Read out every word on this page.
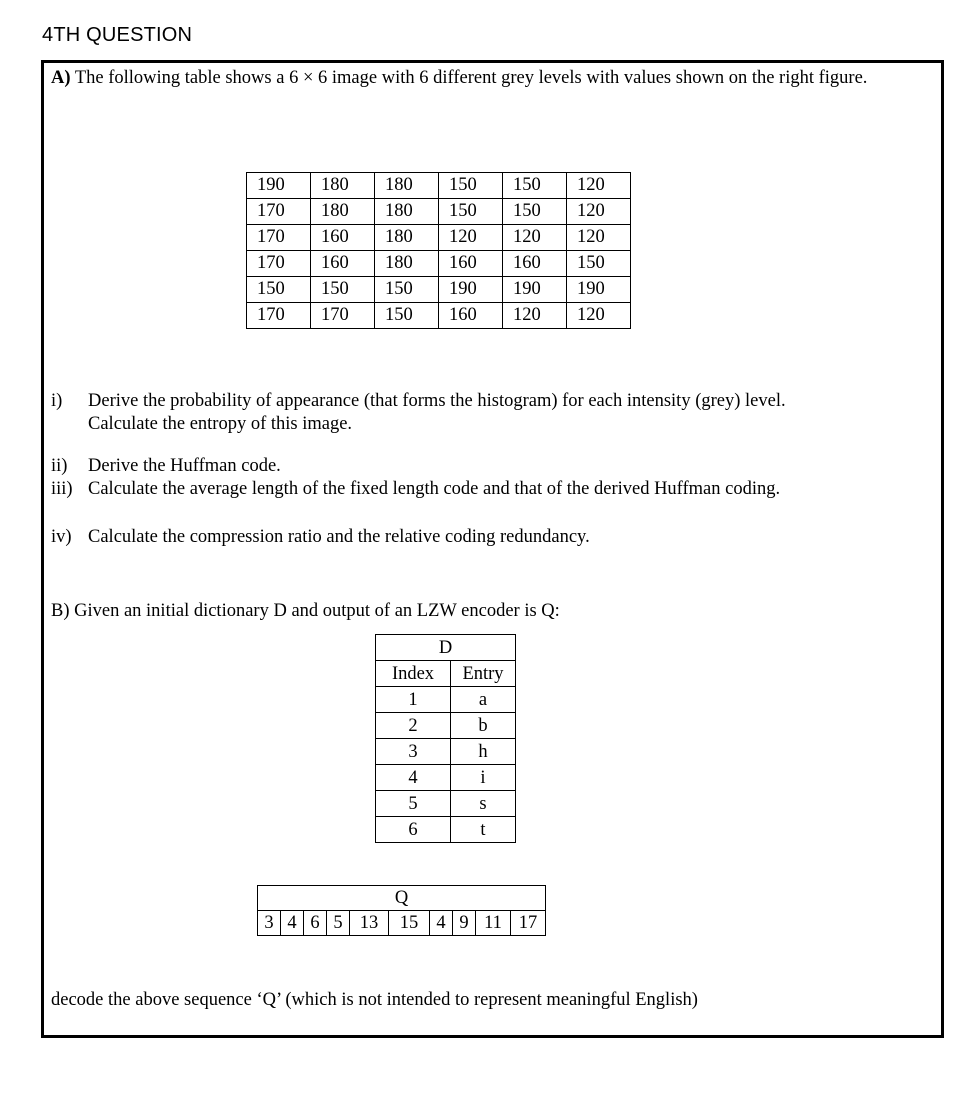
4TH QUESTION
A) The following table shows a 6 × 6 image with 6 different grey levels with values shown on the right figure.
190	180	180	150	150	120
170	180	180	150	150	120
170	160	180	120	120	120
170	160	180	160	160	150
150	150	150	190	190	190
170	170	150	160	120	120
i) Derive the probability of appearance (that forms the histogram) for each intensity (grey) level.
Calculate the entropy of this image.
ii) Derive the Huffman code.
iii) Calculate the average length of the fixed length code and that of the derived Huffman coding.
iv) Calculate the compression ratio and the relative coding redundancy.
B) Given an initial dictionary D and output of an LZW encoder is Q:
D	
Index	Entry
1	a
2	b
3	h
4	i
5	s
6	t
Q
3	4	6	5	13	15	4	9	11	17
decode the above sequence ‘Q’ (which is not intended to represent meaningful English)
